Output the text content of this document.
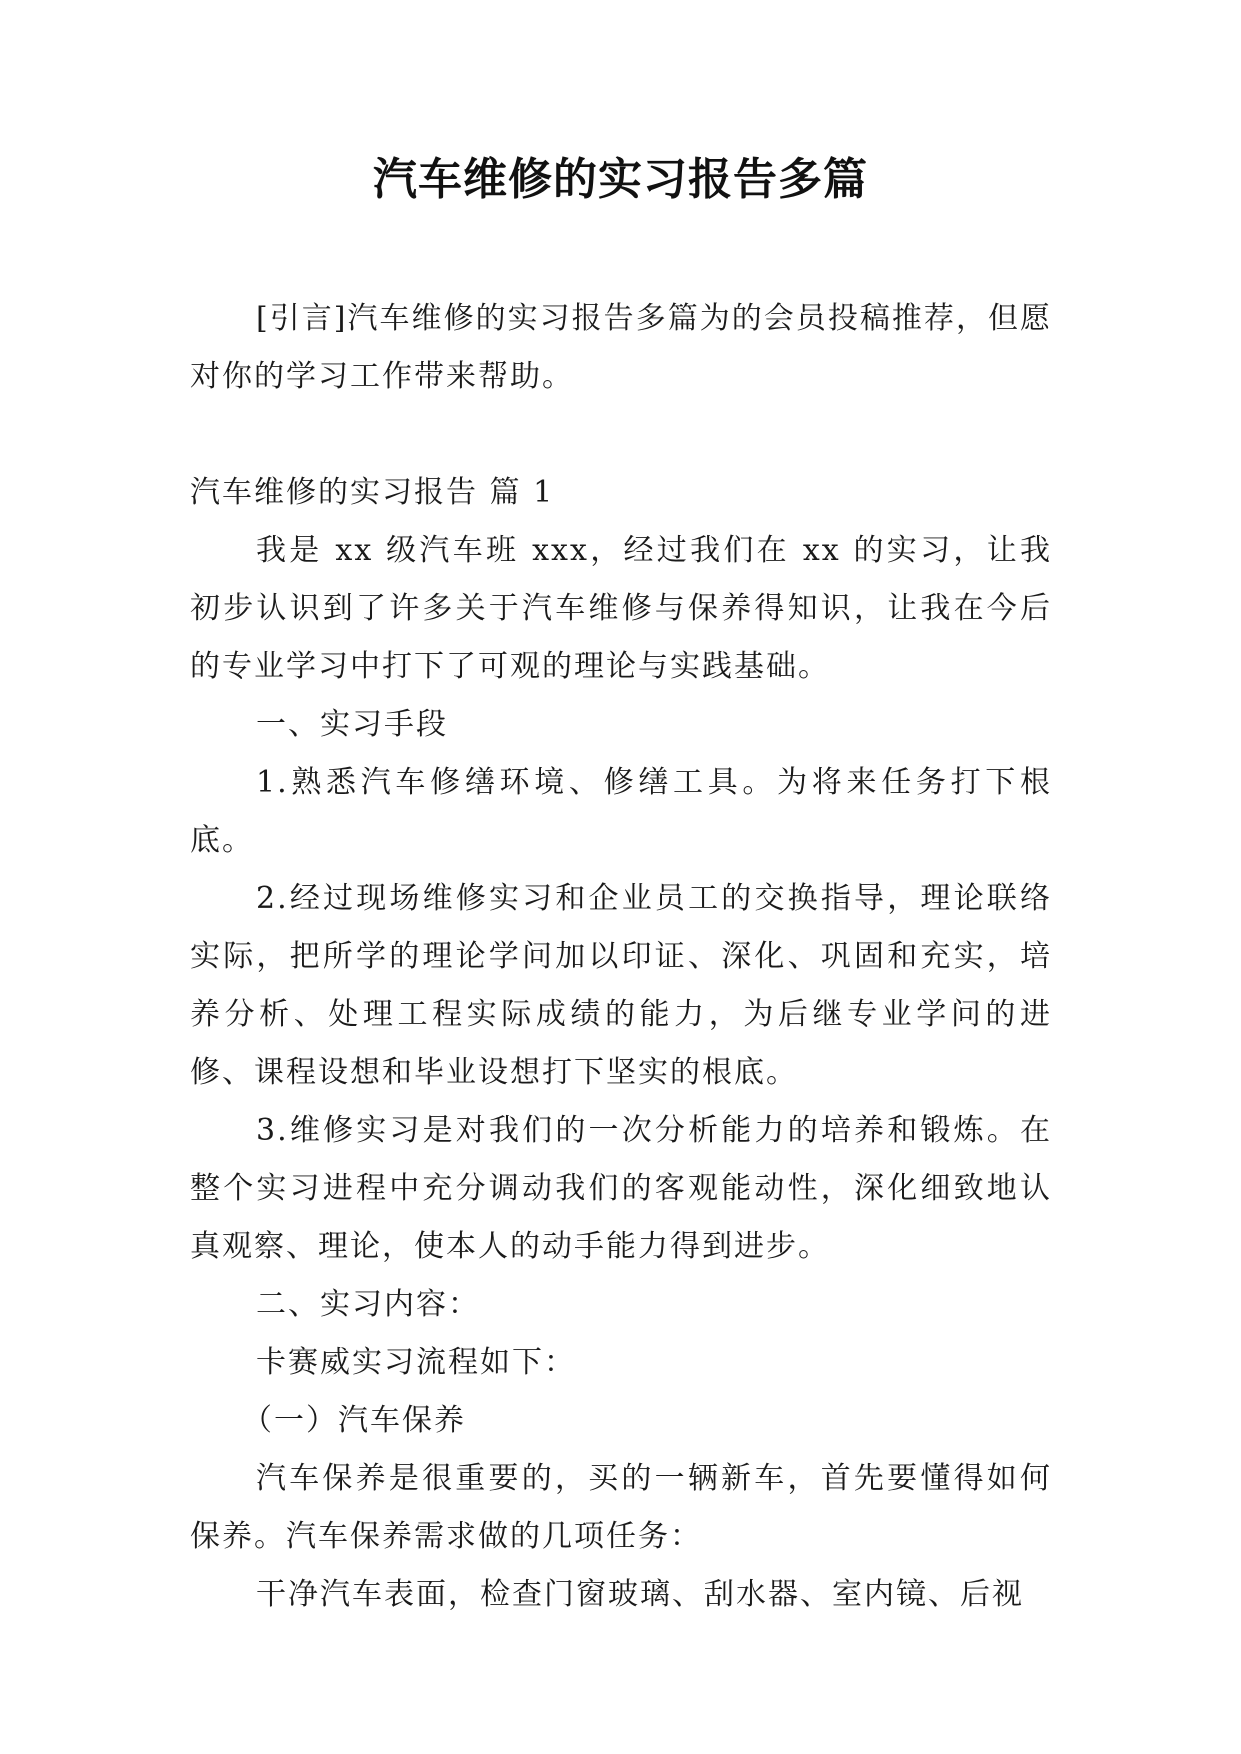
汽车维修的实习报告多篇

[引言]汽车维修的实习报告多篇为的会员投稿推荐，但愿对你的学习工作带来帮助。

汽车维修的实习报告 篇 1

我是 xx 级汽车班 xxx，经过我们在 xx 的实习，让我初步认识到了许多关于汽车维修与保养得知识，让我在今后的专业学习中打下了可观的理论与实践基础。

一、实习手段

1.熟悉汽车修缮环境、修缮工具。为将来任务打下根底。

2.经过现场维修实习和企业员工的交换指导，理论联络实际，把所学的理论学问加以印证、深化、巩固和充实，培养分析、处理工程实际成绩的能力，为后继专业学问的进修、课程设想和毕业设想打下坚实的根底。

3.维修实习是对我们的一次分析能力的培养和锻炼。在整个实习进程中充分调动我们的客观能动性，深化细致地认真观察、理论，使本人的动手能力得到进步。

二、实习内容：

卡赛威实习流程如下：

（一）汽车保养

汽车保养是很重要的，买的一辆新车，首先要懂得如何保养。汽车保养需求做的几项任务：

干净汽车表面，检查门窗玻璃、刮水器、室内镜、后视
